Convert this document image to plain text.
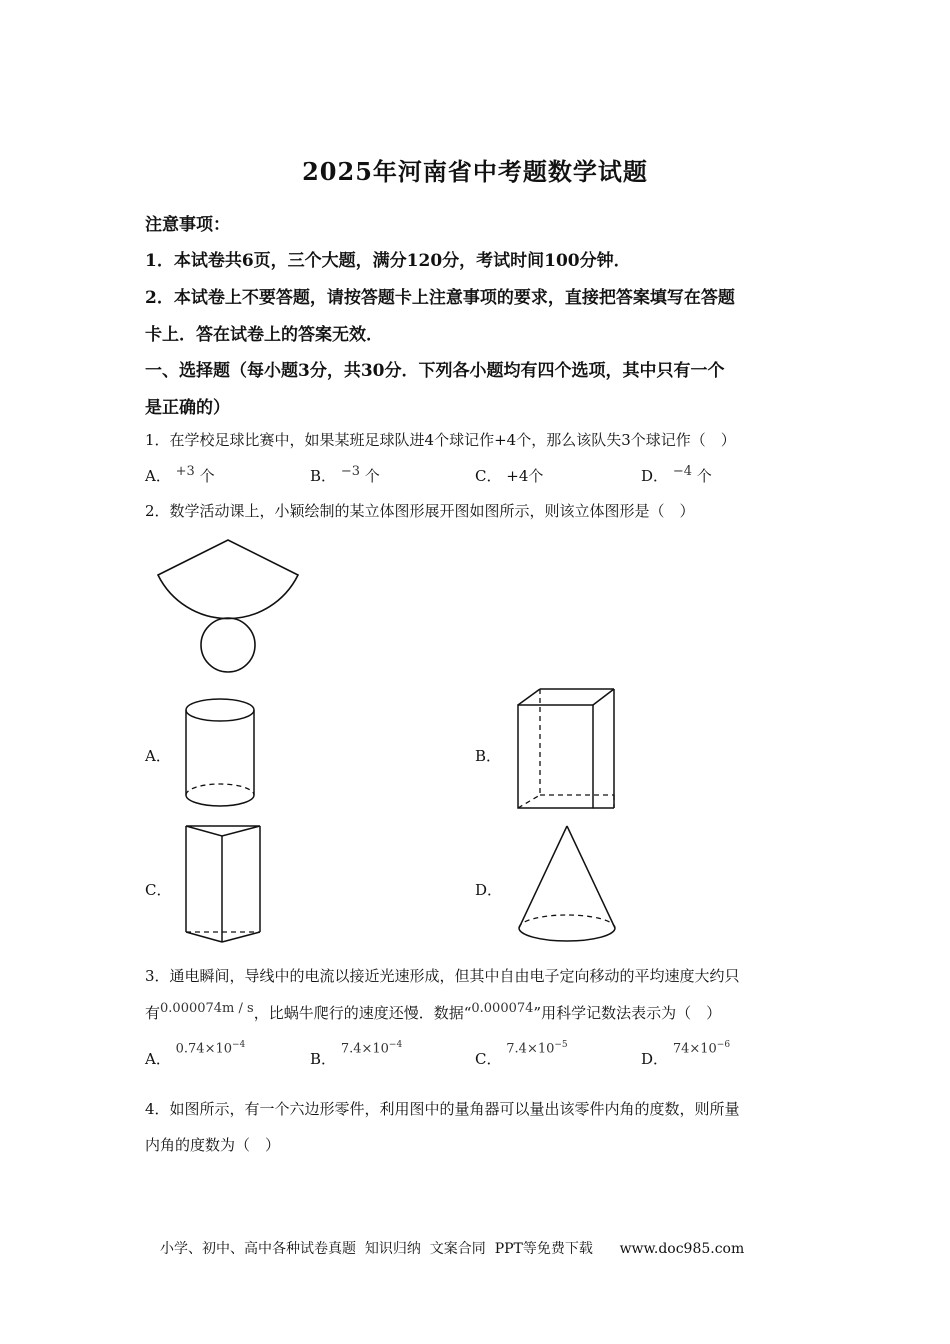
2025年河南省中考题数学试题
注意事项：
1．本试卷共6页，三个大题，满分120分，考试时间100分钟．
2．本试卷上不要答题，请按答题卡上注意事项的要求，直接把答案填写在答题
卡上．答在试卷上的答案无效．
一、选择题（每小题3分，共30分．下列各小题均有四个选项，其中只有一个
是正确的）
1．在学校足球比赛中，如果某班足球队进4个球记作+4个，那么该队失3个球记作（　）
A． +3 个	B． −3 个	C． +4个	D． −4 个
2．数学活动课上，小颖绘制的某立体图形展开图如图所示，则该立体图形是（　）
A．	B．
C．	D．
3．通电瞬间，导线中的电流以接近光速形成，但其中自由电子定向移动的平均速度大约只
有0.000074m / s，比蜗牛爬行的速度还慢．数据“0.000074”用科学记数法表示为（　）
A． $0.74\times 10^{-4}$
B． $7.4\times 10^{-4}$
C． $7.4\times 10^{-5}$
D． $74\times 10^{-6}$
4．如图所示，有一个六边形零件，利用图中的量角器可以量出该零件内角的度数，则所量
内角的度数为（　）
小学、初中、高中各种试卷真题  知识归纳  文案合同  PPT等免费下载      www.doc985.com
